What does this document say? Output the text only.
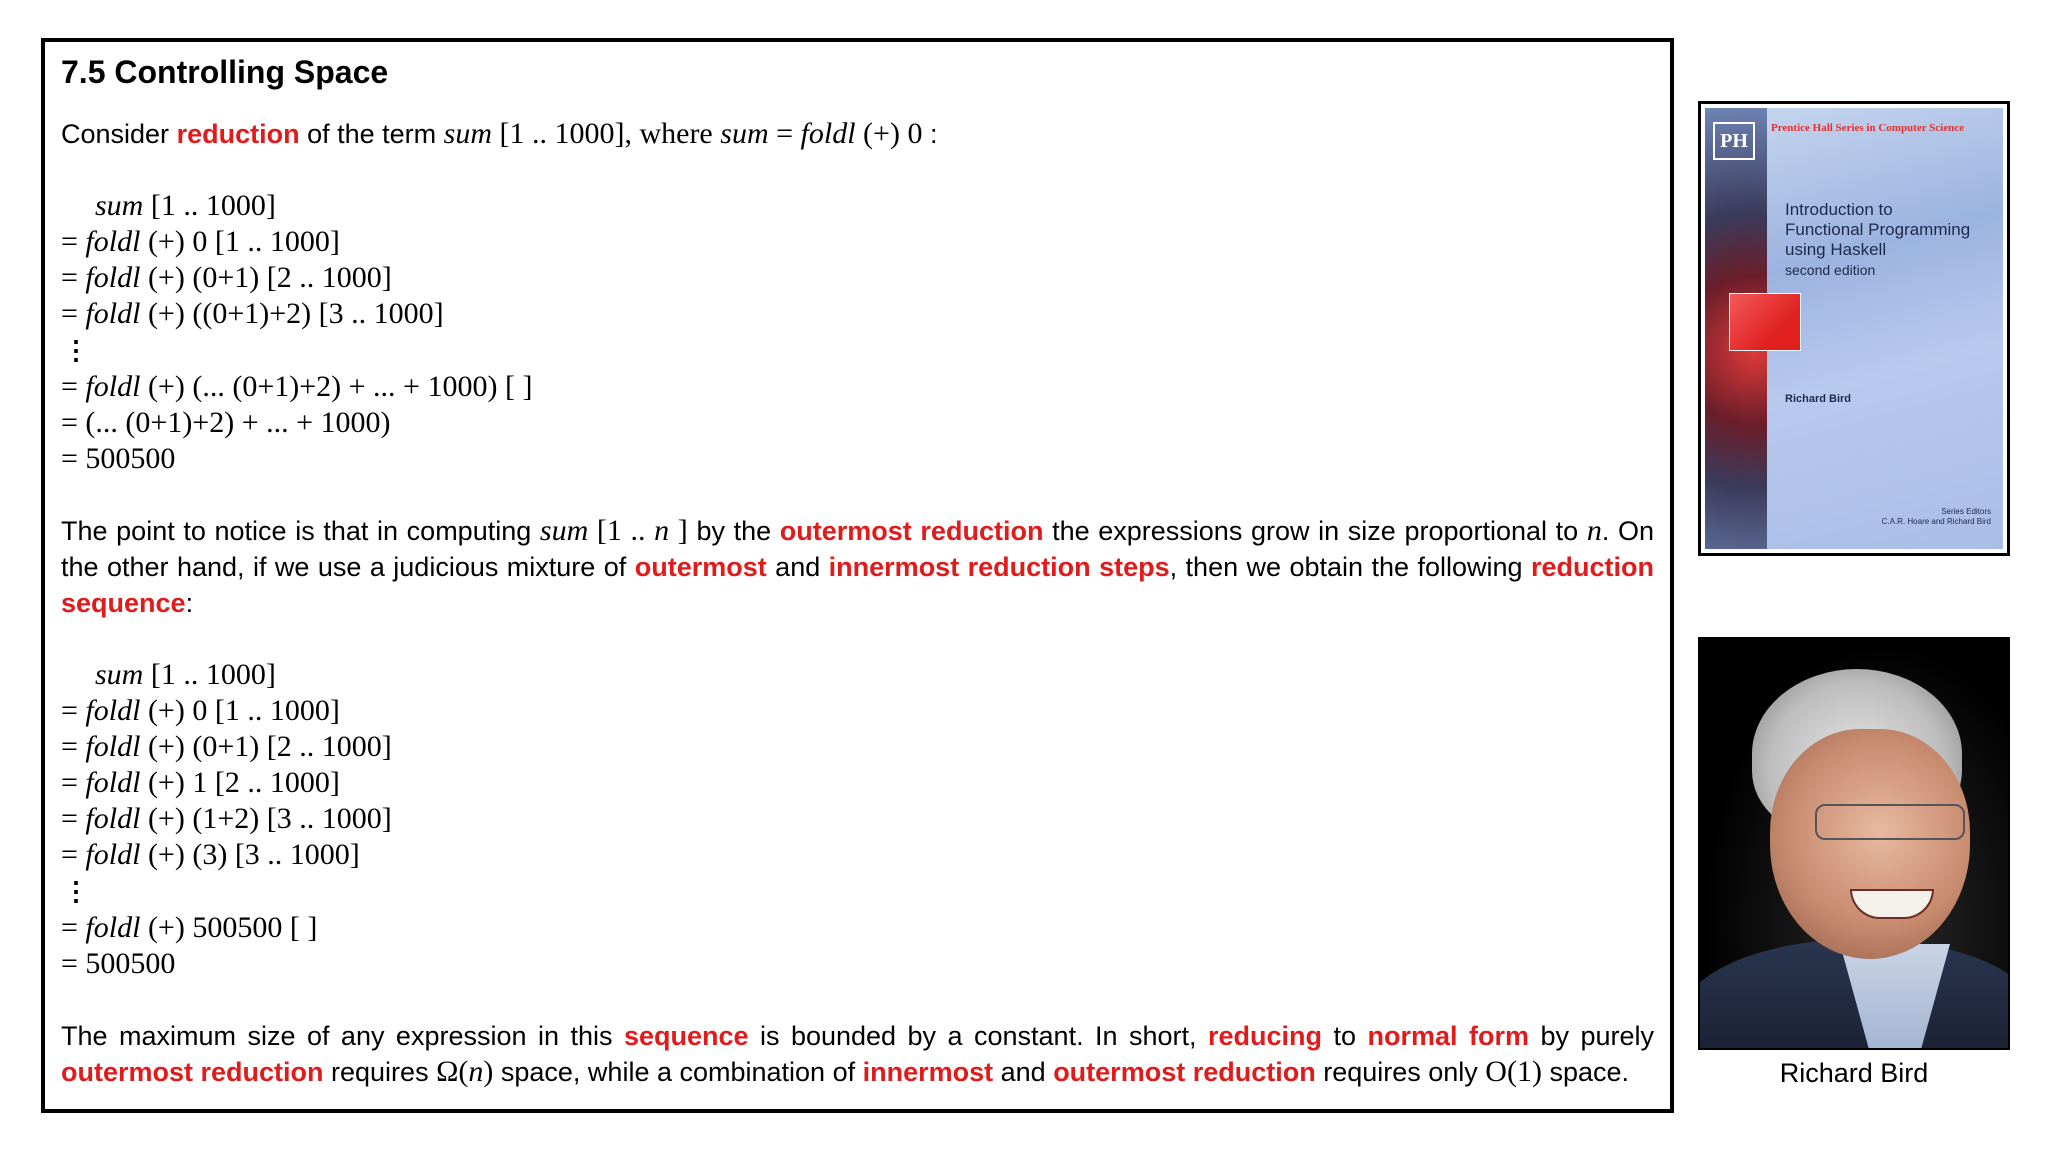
7.5 Controlling Space

Consider reduction of the term sum [1 .. 1000], where sum = foldl (+) 0 :

sum [1 .. 1000]
= foldl (+) 0 [1 .. 1000]
= foldl (+) (0+1) [2 .. 1000]
= foldl (+) ((0+1)+2) [3 .. 1000]
⋮
= foldl (+) (... (0+1)+2) + ... + 1000) [ ]
= (... (0+1)+2) + ... + 1000)
= 500500

The point to notice is that in computing sum [1 .. n ] by the outermost reduction the expressions grow in size proportional to n. On the other hand, if we use a judicious mixture of outermost and innermost reduction steps, then we obtain the following reduction sequence:

sum [1 .. 1000]
= foldl (+) 0 [1 .. 1000]
= foldl (+) (0+1) [2 .. 1000]
= foldl (+) 1 [2 .. 1000]
= foldl (+) (1+2) [3 .. 1000]
= foldl (+) (3) [3 .. 1000]
⋮
= foldl (+) 500500 [ ]
= 500500

The maximum size of any expression in this sequence is bounded by a constant. In short, reducing to normal form by purely outermost reduction requires Ω(n) space, while a combination of innermost and outermost reduction requires only O(1) space.

PH
Prentice Hall Series in Computer Science
Introduction to
Functional Programming
using Haskell
second edition
Richard Bird
Series Editors
C.A.R. Hoare and Richard Bird
Richard Bird
